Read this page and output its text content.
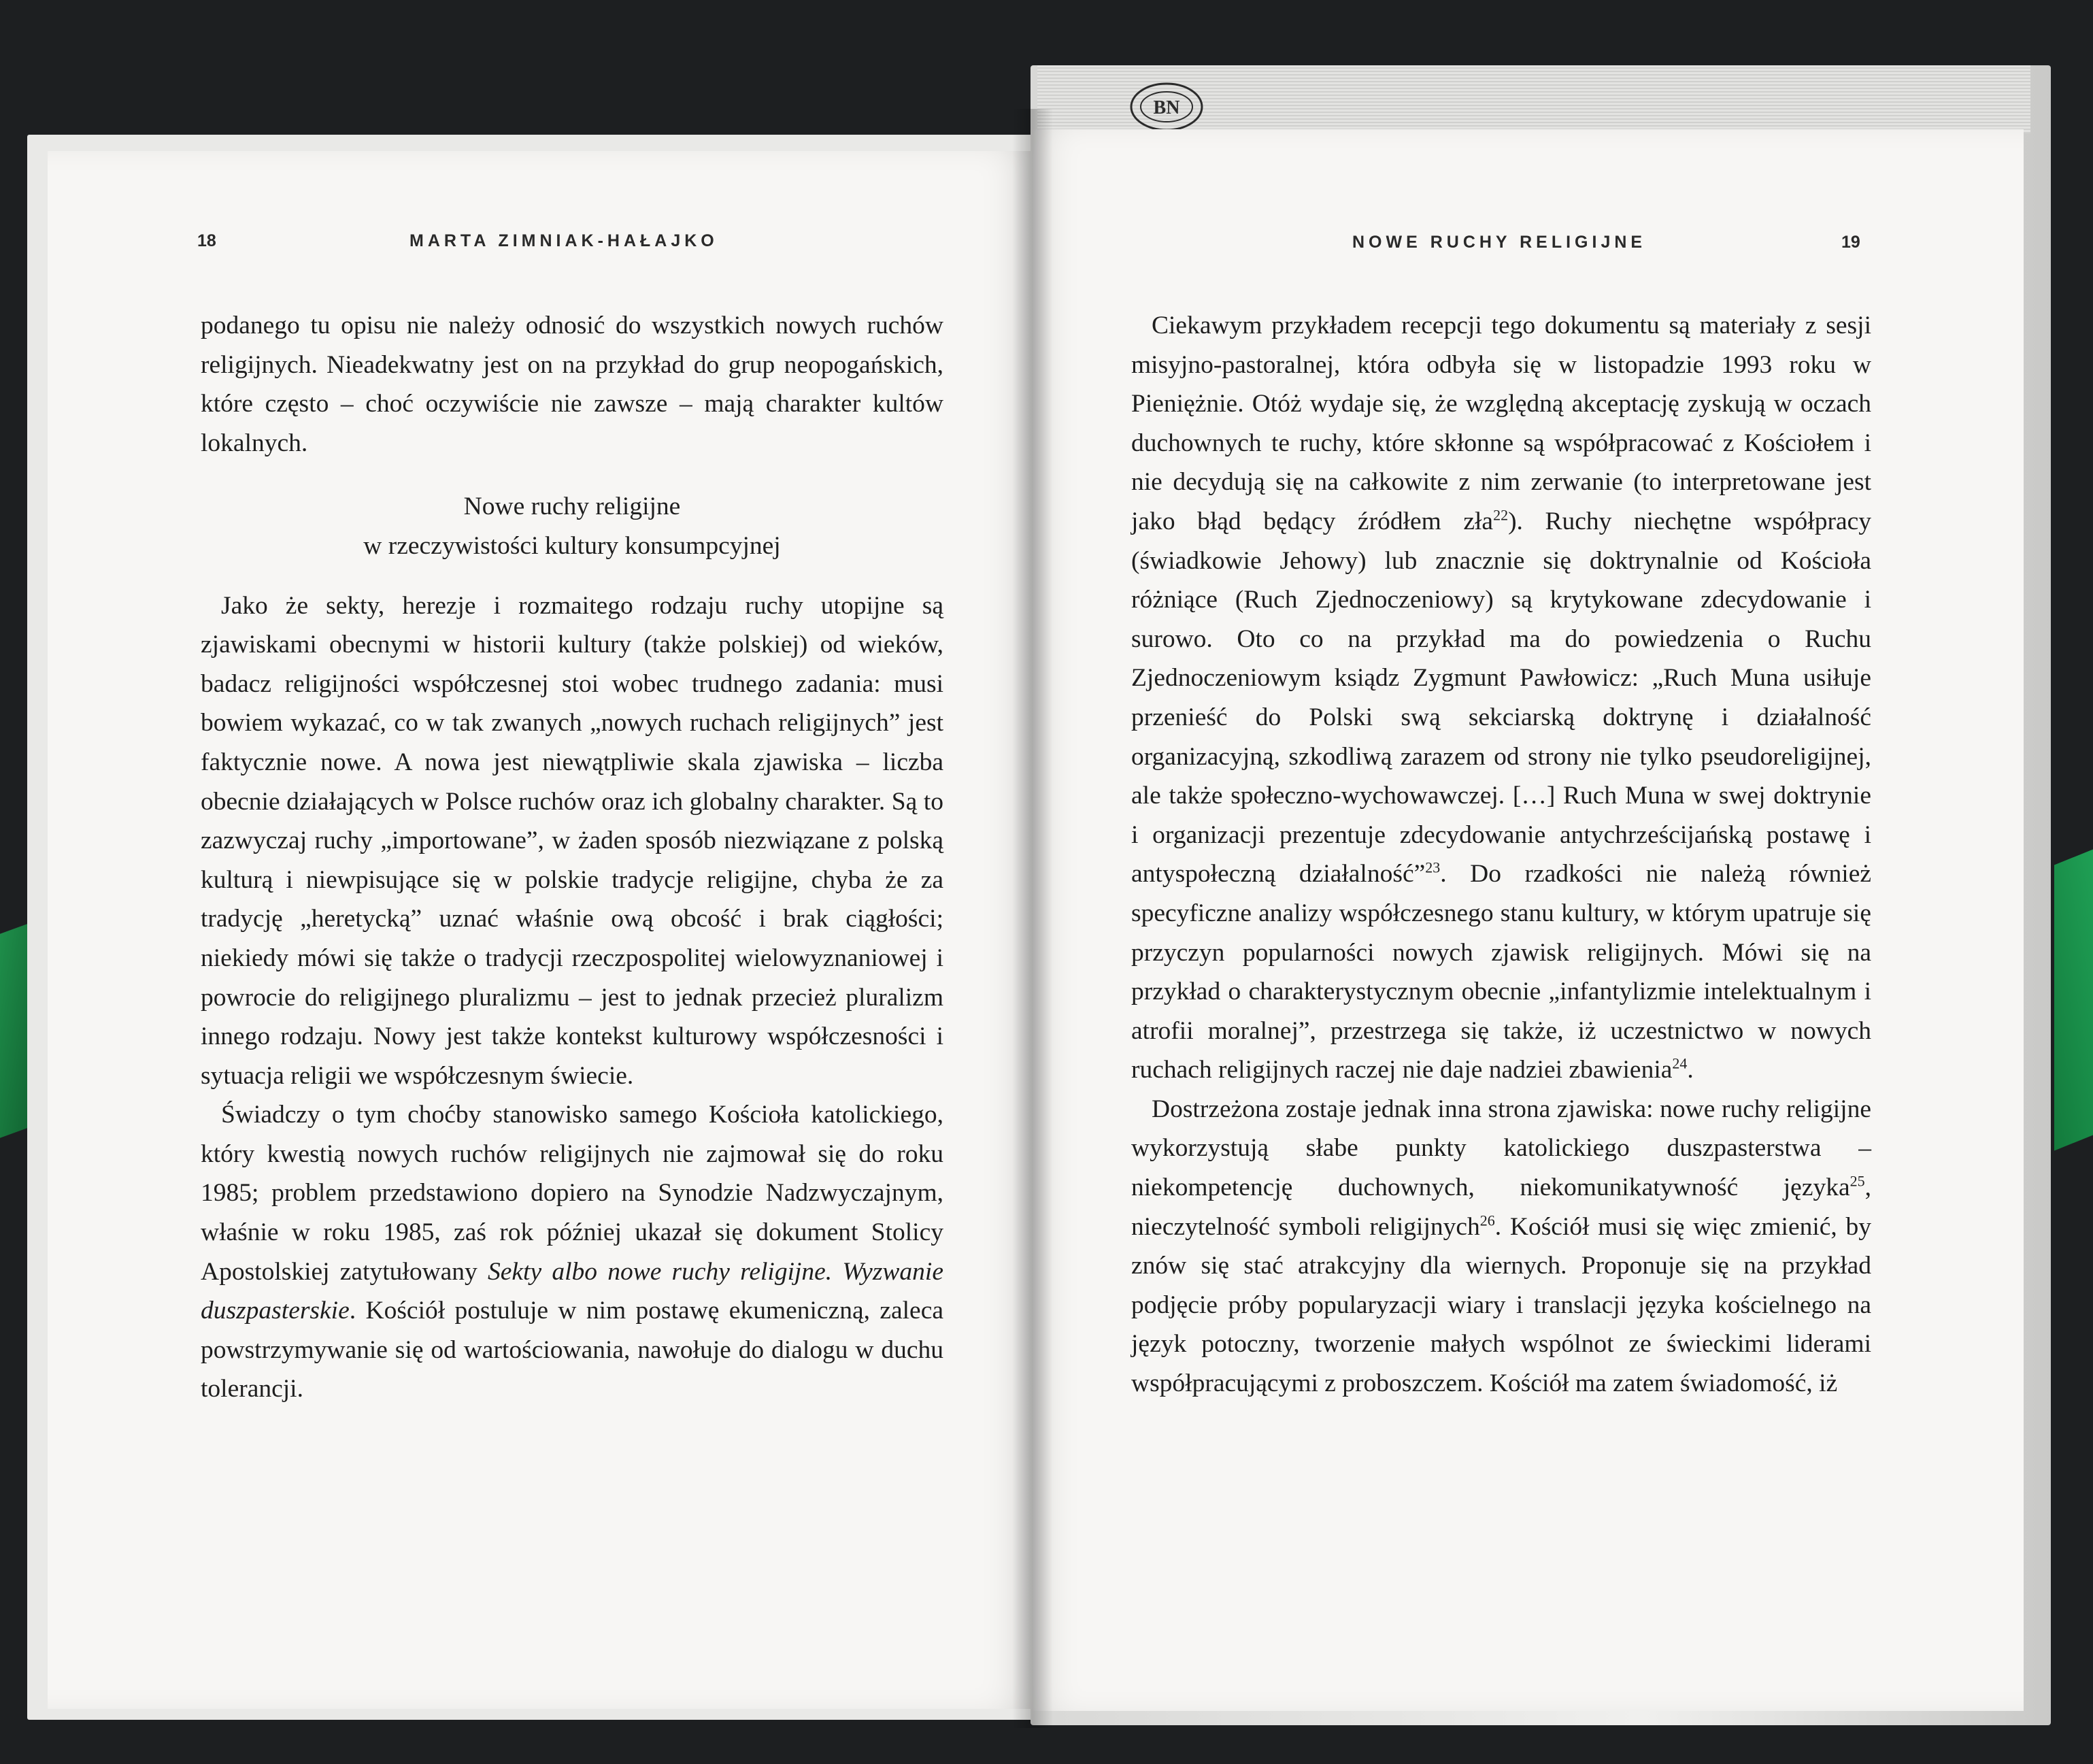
BN
18	MARTA ZIMNIAK-HAŁAJKO	NOWE RUCHY RELIGIJNE	19

podanego tu opisu nie należy odnosić do wszystkich nowych ruchów religijnych. Nieadekwatny jest on na przykład do grup neopogańskich, które często – choć oczywiście nie zawsze – mają charakter kultów lokalnych.

Nowe ruchy religijne
w rzeczywistości kultury konsumpcyjnej

Jako że sekty, herezje i rozmaitego rodzaju ruchy utopijne są zjawiskami obecnymi w historii kultury (także polskiej) od wieków, badacz religijności współczesnej stoi wobec trudnego zadania: musi bowiem wykazać, co w tak zwanych „nowych ruchach religijnych” jest faktycznie nowe. A nowa jest niewątpliwie skala zjawiska – liczba obecnie działających w Polsce ruchów oraz ich globalny charakter. Są to zazwyczaj ruchy „importowane”, w żaden sposób niezwiązane z polską kulturą i niewpisujące się w polskie tradycje religijne, chyba że za tradycję „heretycką” uznać właśnie ową obcość i brak ciągłości; niekiedy mówi się także o tradycji rzeczpospolitej wielowyznaniowej i powrocie do religijnego pluralizmu – jest to jednak przecież pluralizm innego rodzaju. Nowy jest także kontekst kulturowy współczesności i sytuacja religii we współczesnym świecie.

Świadczy o tym choćby stanowisko samego Kościoła katolickiego, który kwestią nowych ruchów religijnych nie zajmował się do roku 1985; problem przedstawiono dopiero na Synodzie Nadzwyczajnym, właśnie w roku 1985, zaś rok później ukazał się dokument Stolicy Apostolskiej zatytułowany Sekty albo nowe ruchy religijne. Wyzwanie duszpasterskie. Kościół postuluje w nim postawę ekumeniczną, zaleca powstrzymywanie się od wartościowania, nawołuje do dialogu w duchu tolerancji.

Ciekawym przykładem recepcji tego dokumentu są materiały z sesji misyjno-pastoralnej, która odbyła się w listopadzie 1993 roku w Pieniężnie. Otóż wydaje się, że względną akceptację zyskują w oczach duchownych te ruchy, które skłonne są współpracować z Kościołem i nie decydują się na całkowite z nim zerwanie (to interpretowane jest jako błąd będący źródłem zła$^{22}$). Ruchy niechętne współpracy (świadkowie Jehowy) lub znacznie się doktrynalnie od Kościoła różniące (Ruch Zjednoczeniowy) są krytykowane zdecydowanie i surowo. Oto co na przykład ma do powiedzenia o Ruchu Zjednoczeniowym ksiądz Zygmunt Pawłowicz: „Ruch Muna usiłuje przenieść do Polski swą sekciarską doktrynę i działalność organizacyjną, szkodliwą zarazem od strony nie tylko pseudoreligijnej, ale także społeczno-wychowawczej. […] Ruch Muna w swej doktrynie i organizacji prezentuje zdecydowanie antychrześcijańską postawę i antyspołeczną działalność”$^{23}$. Do rzadkości nie należą również specyficzne analizy współczesnego stanu kultury, w którym upatruje się przyczyn popularności nowych zjawisk religijnych. Mówi się na przykład o charakterystycznym obecnie „infantylizmie intelektualnym i atrofii moralnej”, przestrzega się także, iż uczestnictwo w nowych ruchach religijnych raczej nie daje nadziei zbawienia$^{24}$.

Dostrzeżona zostaje jednak inna strona zjawiska: nowe ruchy religijne wykorzystują słabe punkty katolickiego duszpasterstwa – niekompetencję duchownych, niekomunikatywność języka$^{25}$, nieczytelność symboli religijnych$^{26}$. Kościół musi się więc zmienić, by znów się stać atrakcyjny dla wiernych. Proponuje się na przykład podjęcie próby popularyzacji wiary i translacji języka kościelnego na język potoczny, tworzenie małych wspólnot ze świeckimi liderami współpracującymi z proboszczem. Kościół ma zatem świadomość, iż
